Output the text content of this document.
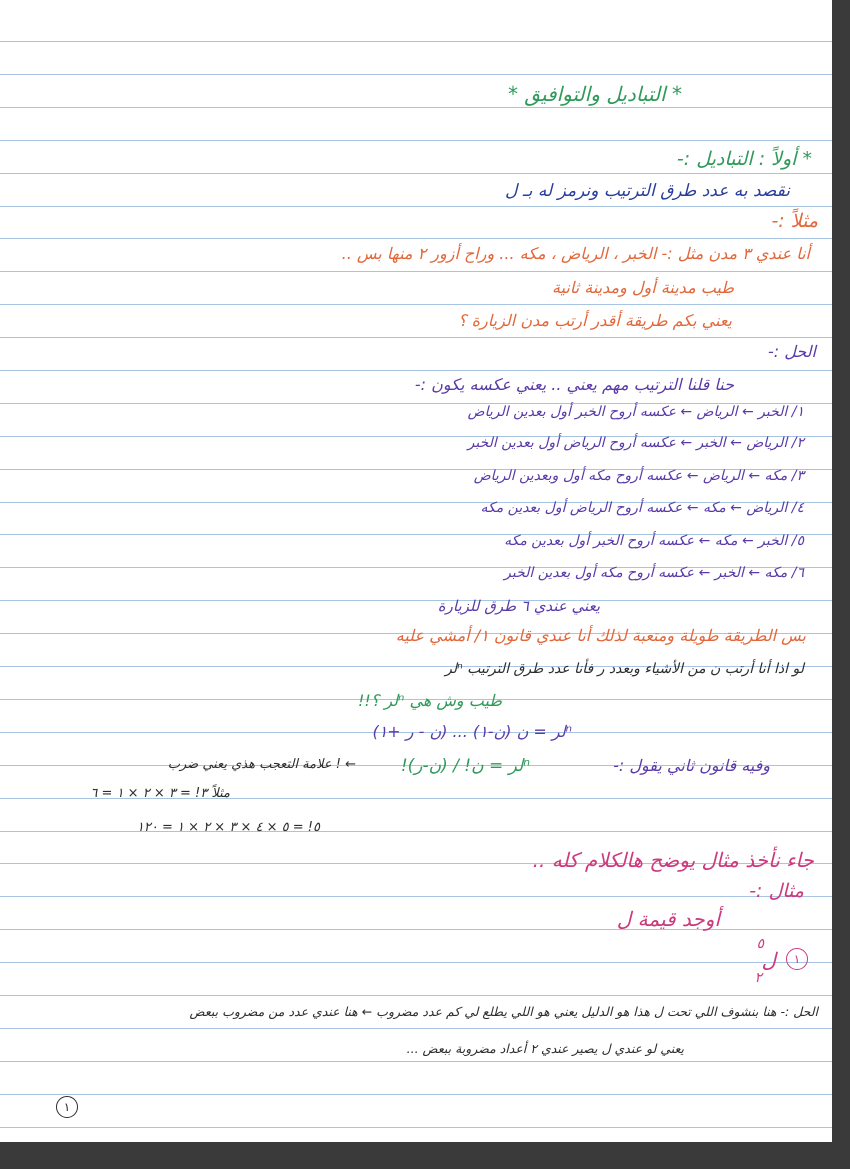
* التبادیل والتوافیق *
* أولاً : التبادیل :-
نقصد به عدد طرق الترتیب ونرمز له بـ ل
مثلاً :-
أنا عندي ٣ مدن مثل :- الخبر ، الریاض ، مكه ... وراح أزور ٢ منها بس ..
طیب مدینة أول ومدینة ثانیة
یعني بكم طریقة أقدر أرتب مدن الزیارة ؟
الحل :-
حنا قلنا الترتیب مهم یعني .. یعني عكسه یكون :-
١/ الخبر ← الریاض ← عكسه أروح الخبر أول بعدین الریاض
٢/ الریاض ← الخبر ← عكسه أروح الریاض أول بعدین الخبر
٣/ مكه ← الریاض ← عكسه أروح مكه أول وبعدین الریاض
٤/ الریاض ← مكه ← عكسه أروح الریاض أول بعدین مكه
٥/ الخبر ← مكه ← عكسه أروح الخبر أول بعدین مكه
٦/ مكه ← الخبر ← عكسه أروح مكه أول بعدین الخبر
یعني عندي ٦ طرق للزیارة
بس الطریقة طویلة ومتعبة لذلك أنا عندي قانون ١/ أمشي علیه
لو اذا أنا أرتب ن من الأشیاء وبعدد ر فأنا عدد طرق الترتیب ⁿلر
طیب وش هي ⁿلر ؟!!
ⁿلر = ن (ن-١) ... (ن - ر +١)
وفیه قانون ثاني یقول :-
ⁿلر = ن! / (ن-ر)!
← ! علامة التعجب هذي یعني ضرب
مثلاً ٣! = ٣ × ٢ × ١ = ٦
٥! = ٥ × ٤ × ٣ × ٢ × ١ = ١٢٠
جاء نأخذ مثال یوضح هالكلام كله ..
مثال :-
أوجد قیمة ل
٥
ل
٢
١
الحل :- هنا بنشوف اللي تحت ل هذا هو الدلیل یعني هو اللي یطلع لي كم عدد مضروب ← هنا عندي عدد من مضروب ببعض
یعني لو عندي ل یصیر عندي ٢ أعداد مضروبة ببعض ...
١
